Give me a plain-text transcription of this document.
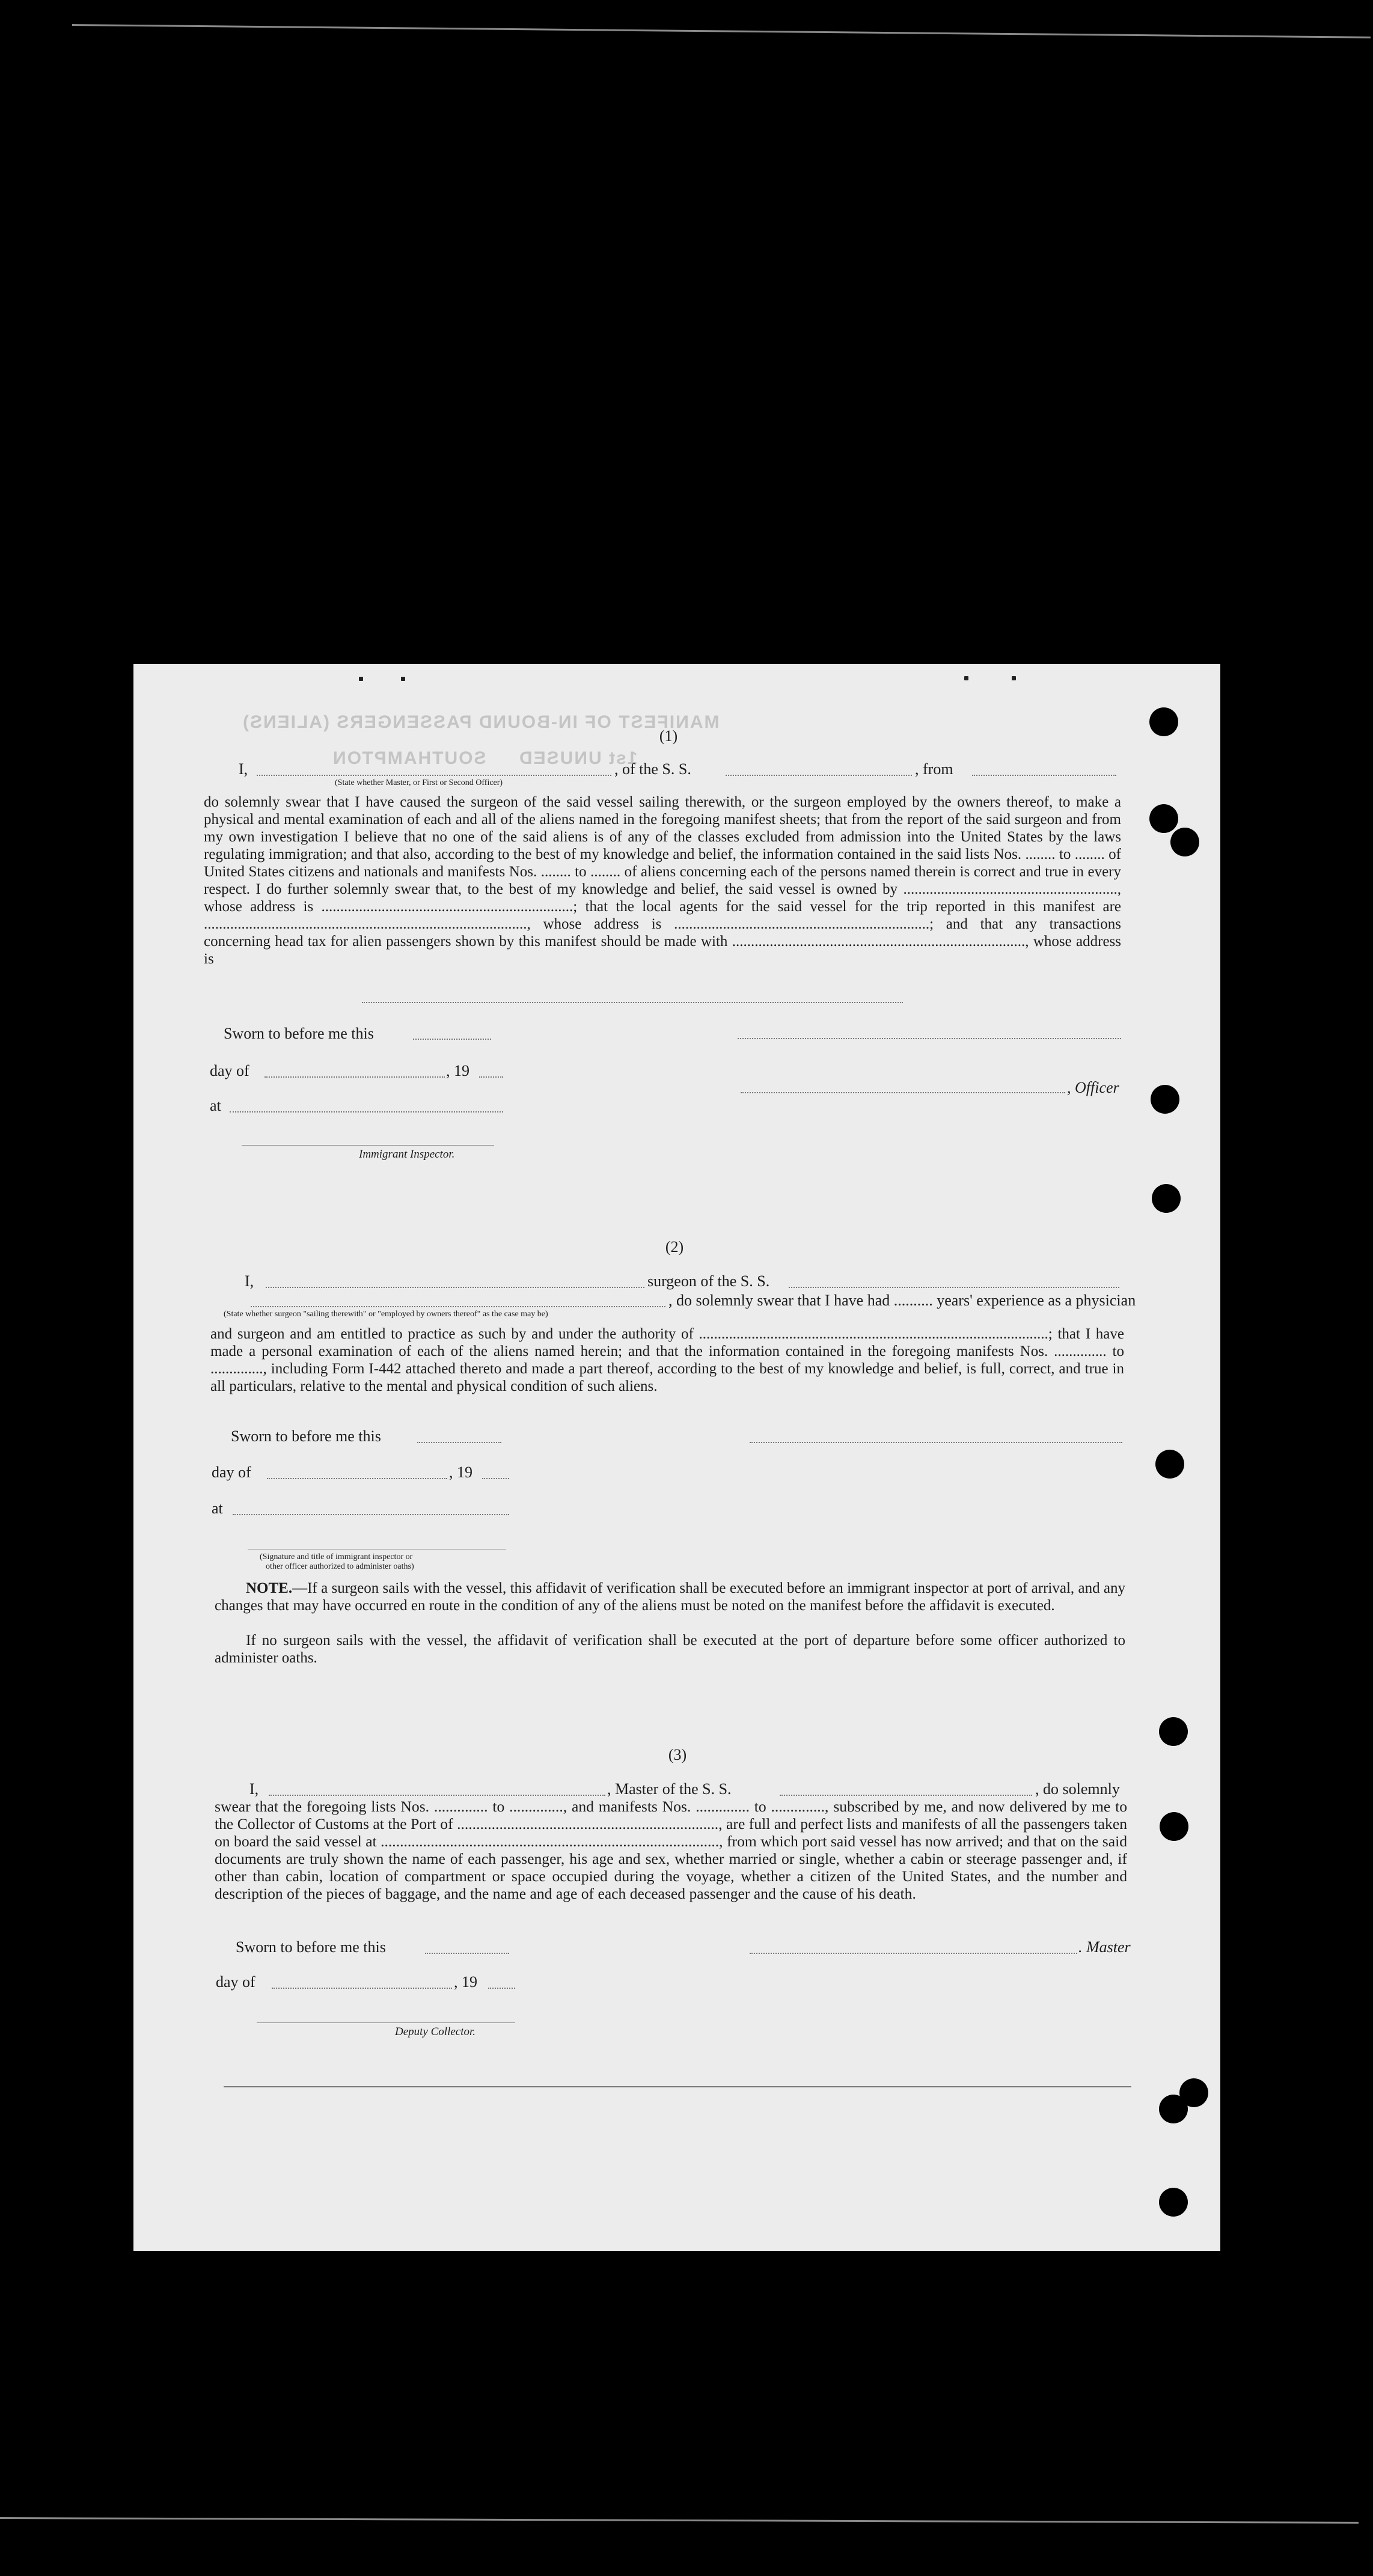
MANIFEST OF IN-BOUND PASSENGERS (ALIENS)
SOUTHAMPTON 1st UNUSED
(1)
I,	, of the S. S.	, from
(State whether Master, or First or Second Officer)
do solemnly swear that I have caused the surgeon of the said vessel sailing therewith, or the surgeon employed by the owners thereof, to make a physical and mental examination of each and all of the aliens named in the foregoing manifest sheets; that from the report of the said surgeon and from my own investigation I believe that no one of the said aliens is of any of the classes excluded from admission into the United States by the laws regulating immigration; and that also, according to the best of my knowledge and belief, the information contained in the said lists Nos. ........ to ........ of United States citizens and nationals and manifests Nos. ........ to ........ of aliens concerning each of the persons named therein is correct and true in every respect. I do further solemnly swear that, to the best of my knowledge and belief, the said vessel is owned by ........................................................., whose address is ...................................................................; that the local agents for the said vessel for the trip reported in this manifest are ......................................................................................, whose address is ....................................................................; and that any transactions concerning head tax for alien passengers shown by this manifest should be made with .............................................................................., whose address is
Sworn to before me this
day of	, 19
, Officer
at
Immigrant Inspector.
(2)
I,	surgeon of the S. S.
, do solemnly swear that I have had .......... years' experience as a physician
(State whether surgeon "sailing therewith" or "employed by owners thereof" as the case may be)
and surgeon and am entitled to practice as such by and under the authority of .............................................................................................; that I have made a personal examination of each of the aliens named herein; and that the information contained in the foregoing manifests Nos. .............. to .............., including Form I-442 attached thereto and made a part thereof, according to the best of my knowledge and belief, is full, correct, and true in all particulars, relative to the mental and physical condition of such aliens.
Sworn to before me this
day of	, 19
at
(Signature and title of immigrant inspector or
other officer authorized to administer oaths)
NOTE.—If a surgeon sails with the vessel, this affidavit of verification shall be executed before an immigrant inspector at port of arrival, and any changes that may have occurred en route in the condition of any of the aliens must be noted on the manifest before the affidavit is executed.
If no surgeon sails with the vessel, the affidavit of verification shall be executed at the port of departure before some officer authorized to administer oaths.
(3)
I,	, Master of the S. S.	, do solemnly
swear that the foregoing lists Nos. .............. to .............., and manifests Nos. .............. to .............., subscribed by me, and now delivered by me to the Collector of Customs at the Port of ...................................................................., are full and perfect lists and manifests of all the passengers taken on board the said vessel at ........................................................................................, from which port said vessel has now arrived; and that on the said documents are truly shown the name of each passenger, his age and sex, whether married or single, whether a cabin or steerage passenger and, if other than cabin, location of compartment or space occupied during the voyage, whether a citizen of the United States, and the number and description of the pieces of baggage, and the name and age of each deceased passenger and the cause of his death.
Sworn to before me this	. Master
day of	, 19
Deputy Collector.
